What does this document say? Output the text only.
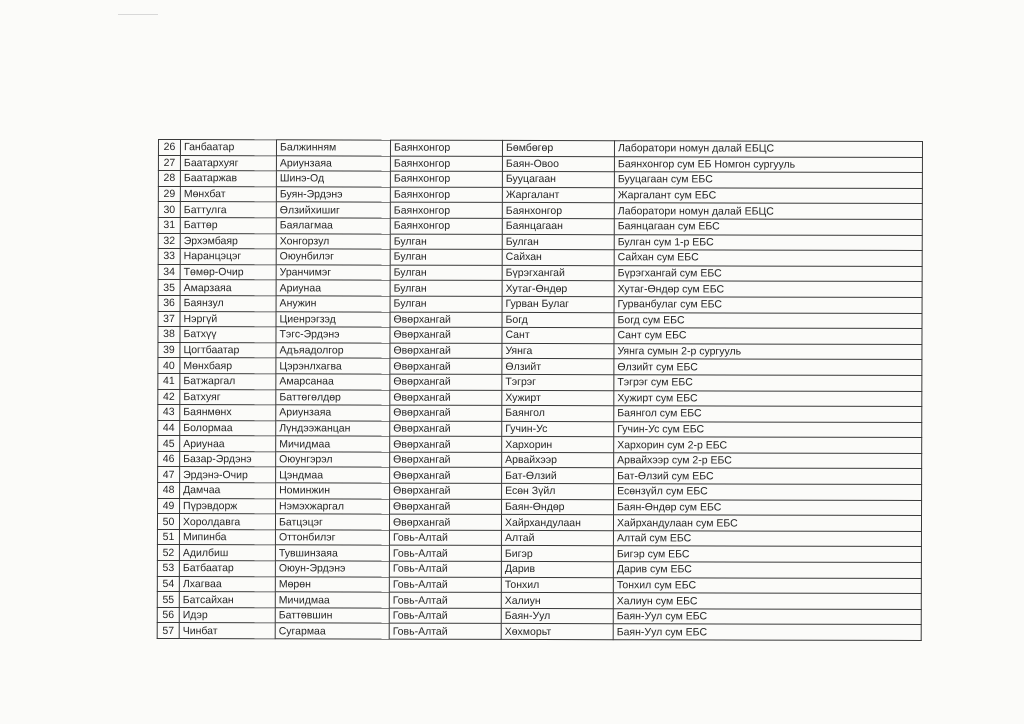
26	Ганбаатар	Балжинням	Баянхонгор	Бөмбөгөр	Лаборатори номун далай ЕБЦС
27	Баатархуяг	Ариунзаяа	Баянхонгор	Баян-Овоо	Баянхонгор сум ЕБ Номгон сургууль
28	Баатаржав	Шинэ-Од	Баянхонгор	Бууцагаан	Бууцагаан сум ЕБС
29	Мөнхбат	Буян-Эрдэнэ	Баянхонгор	Жаргалант	Жаргалант сум ЕБС
30	Баттулга	Өлзийхишиг	Баянхонгор	Баянхонгор	Лаборатори номун далай ЕБЦС
31	Баттөр	Баялагмаа	Баянхонгор	Баянцагаан	Баянцагаан сум ЕБС
32	Эрхэмбаяр	Хонгорзул	Булган	Булган	Булган сум 1-р ЕБС
33	Наранцэцэг	Оюунбилэг	Булган	Сайхан	Сайхан сум ЕБС
34	Төмөр-Очир	Уранчимэг	Булган	Бүрэгхангай	Бүрэгхангай сум ЕБС
35	Амарзаяа	Ариунаа	Булган	Хутаг-Өндөр	Хутаг-Өндөр сум ЕБС
36	Баянзул	Анужин	Булган	Гурван Булаг	Гурванбулаг сум ЕБС
37	Нэргүй	Циенрэгзэд	Өвөрхангай	Богд	Богд сум ЕБС
38	Батхүү	Тэгс-Эрдэнэ	Өвөрхангай	Сант	Сант сум ЕБС
39	Цогтбаатар	Адъяадолгор	Өвөрхангай	Уянга	Уянга сумын 2-р сургууль
40	Мөнхбаяр	Цэрэнлхагва	Өвөрхангай	Өлзийт	Өлзийт сум ЕБС
41	Батжаргал	Амарсанаа	Өвөрхангай	Тэгрэг	Тэгрэг сум ЕБС
42	Батхуяг	Баттөгөлдөр	Өвөрхангай	Хужирт	Хужирт сум ЕБС
43	Баянмөнх	Ариунзаяа	Өвөрхангай	Баянгол	Баянгол сум ЕБС
44	Болормаа	Лүндээжанцан	Өвөрхангай	Гучин-Ус	Гучин-Ус сум ЕБС
45	Ариунаа	Мичидмаа	Өвөрхангай	Хархорин	Хархорин сум 2-р ЕБС
46	Базар-Эрдэнэ	Оюунгэрэл	Өвөрхангай	Арвайхээр	Арвайхээр сум 2-р ЕБС
47	Эрдэнэ-Очир	Цэндмаа	Өвөрхангай	Бат-Өлзий	Бат-Өлзий сум ЕБС
48	Дамчаа	Номинжин	Өвөрхангай	Есөн Зүйл	Есөнзүйл сум ЕБС
49	Пүрэвдорж	Нэмэхжаргал	Өвөрхангай	Баян-Өндөр	Баян-Өндөр сум ЕБС
50	Хоролдавга	Батцэцэг	Өвөрхангай	Хайрхандулаан	Хайрхандулаан сум ЕБС
51	Мипинба	Оттонбилэг	Говь-Алтай	Алтай	Алтай сум ЕБС
52	Адилбиш	Тувшинзаяа	Говь-Алтай	Бигэр	Бигэр сум ЕБС
53	Батбаатар	Оюун-Эрдэнэ	Говь-Алтай	Дарив	Дарив сум ЕБС
54	Лхагваа	Мөрөн	Говь-Алтай	Тонхил	Тонхил сум ЕБС
55	Батсайхан	Мичидмаа	Говь-Алтай	Халиун	Халиун сум ЕБС
56	Идэр	Баттөвшин	Говь-Алтай	Баян-Уул	Баян-Уул сум ЕБС
57	Чинбат	Сугармаа	Говь-Алтай	Хөхморьт	Баян-Уул сум ЕБС
